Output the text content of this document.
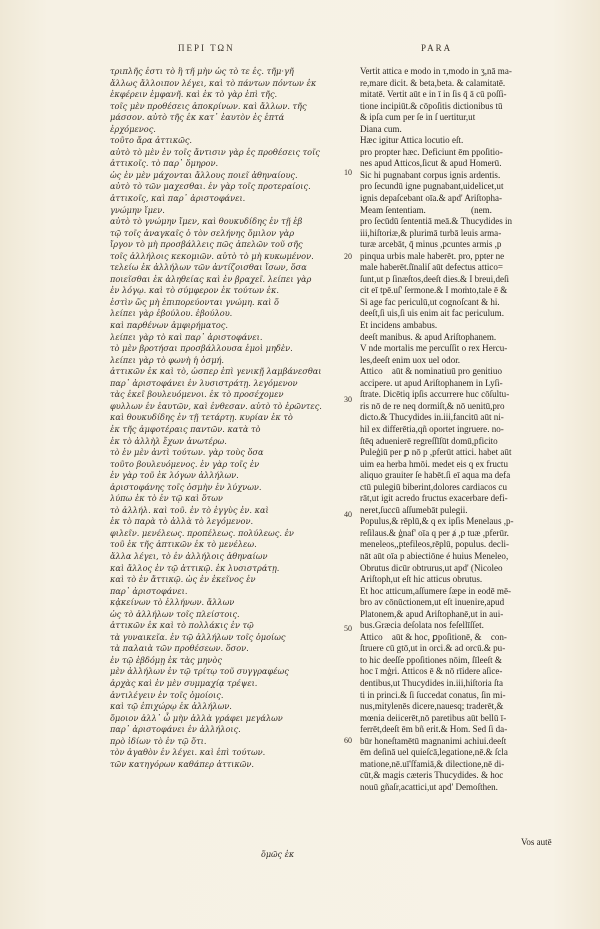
ΠΕΡΙ ΤΩΝ	PARA
τριπλῆς ἐστι τὸ ἢ τῆ μὴν ὡς τὸ τε ἐς. τῆμ·γῆ
ἄλλως ἄλλοιπον λέγει, καὶ τὸ πάντων πόντων ἐκ
ἐκφέρειν ἐμφανῆ. καὶ ἐκ τὸ γὰρ ἐπὶ τῆς.
τοῖς μὲν προθέσεις ἀποκρίνων. καὶ ἄλλων. τῆς
μάσσον. αὐτὸ τῆς ἐκ κατ᾽ ἑαυτὸν ἐς ἑπτά
ἐρχόμενος.
τοῦτο ἄρα ἀττικῶς.
αὐτὸ τὸ μὲν ἐν τοῖς ἄντισιν γὰρ ἐς προθέσεις τοῖς
ἀττικοῖς. τὸ παρ᾽ ὅμηρον.
ὡς ἐν μὲν μάχονται ἄλλους ποιεῖ ἀθηναίους.
αὐτὸ τὸ τῶν μαχεσθαι. ἐν γὰρ τοῖς προτεραίοις.
ἀττικοῖς, καὶ παρ᾽ ἀριστοφάνει.
γνώμην ἴμεν.
αὐτὸ τὸ γνώμην ἴμεν, καὶ θουκυδίδης ἐν τῇ ἑβ
τῷ τοῖς ἀναγκαῖς ὁ τὸν σελήνης ὄμιλον γὰρ
ἴργον τὸ μὴ προσβάλλεις πῶς ἀπελῶν τοῦ σῆς
τοῖς ἀλλήλοις κεκομιῶν. αὐτὸ τὸ μὴ κυκωμένον.
τελείω ἐκ ἀλλήλων τῶν ἀντίζοισθαι ἴσων, ὅσα
ποιεῖσθαι ἐκ ἀληθείας καὶ ἐν βραχεῖ. λείπει γὰρ
ἐν λόγῳ. καὶ τὸ σύμφερον ἐκ τούτων ἐκ.
ἐστὶν ὥς μὴ ἐπιπορεύονται γνώμη. καὶ ὅ
λείπει γὰρ ἐβούλου. ἐβούλου.
καὶ παρθένων ἀμφιρήματος.
λείπει γὰρ τὸ καὶ παρ᾽ ἀριστοφάνει.
τὸ μὲν βροτήσαι προσβάλλουσα ἐμοὶ μηδὲν.
λείπει γὰρ τὸ φωνὴ ἡ ὀσμή.
ἀττικῶν ἐκ καὶ τὸ, ὡσπερ ἐπὶ γενικῇ λαμβάνεσθαι
παρ᾽ ἀριστοφάνει ἐν λυσιστράτῃ. λεγόμενον
τὰς ἐκεῖ βουλευόμενοι. ἐκ τὸ προσέχομεν
φυλλων ἐν ἑαυτῶν, καὶ ἐνθεσαν. αὐτὸ τὸ ἐρῶντες.
καὶ θουκυδίδης ἐν τῇ τετάρτῃ. κυρίαν ἐκ τὸ
ἐκ τῆς ἀμφοτέραις παντῶν. κατὰ τὸ
ἐκ τὸ ἀλλὴλ ἔχων ἀνωτέρω.
τὸ ἐν μὲν ἀντὶ τούτων. γὰρ τοὺς ὅσα
τοῦτο βουλευόμενος. ἐν γὰρ τοῖς ἐν
ἐν γὰρ τοῦ ἐκ λόγων ἀλλήλων.
ἀριστοφάνης τοῖς ὀσμὴν ἐν λύχνων.
λύπω ἐκ τὸ ἐν τῷ καὶ ὅτων
τὸ ἀλλήλ. καὶ τοῦ. ἐν τὸ ἐγγὺς ἐν. καὶ
ἐκ τὸ παρὰ τὸ ἀλλὰ τὸ λεγόμενον.
φιλεῖν. μενέλεως. προπέλεως. πολύλεως. ἐν
τοῦ ἐκ τῆς ἀπτικῶν ἐκ τὸ μενέλεω.
ἄλλα λέγει, τὸ ἐν ἀλλήλοις ἀθηναίων
καὶ ἄλλος ἐν τῷ ἀττικῷ. ἐκ λυσιστράτῃ.
καὶ τὸ ἐν ἄττικῷ. ὡς ἐν ἐκεῖνος ἐν
παρ᾽ ἀριστοφάνει.
κᾀκείνων τὸ ἐλλήνων. ἄλλων
ὡς τὸ ἀλλήλων τοῖς πλείστοις.
ἀττικῶν ἐκ καὶ τὸ πολλάκις ἐν τῷ
τὰ γυναικεῖα. ἐν τῷ ἀλλήλων τοῖς ὁμοίως
τὰ παλαιὰ τῶν προθέσεων. ὅσον.
ἐν τῷ ἑβδόμῃ ἐκ τὰς μηνὸς
μὲν ἀλλήλων ἐν τῷ τρίτῳ τοῦ συγγραφέως
ἀρχὰς καὶ ἐν μὲν συμμαχίᾳ τρέψει.
ἀντιλέγειν ἐν τοῖς ὁμοίοις.
καὶ τῷ ἐπιχώρῳ ἐκ ἀλλήλων.
ὅμοιον ἀλλ᾽ ὦ μὴν ἀλλὰ γράφει μεγάλων
παρ᾽ ἀριστοφάνει ἐν ἀλλήλοις.
πρὸ ἰδίων τὸ ἐν τῷ ὅτι.
τὸν ἀγαθὸν ἐν λέγει. καὶ ἐπὶ τούτων.
τῶν κατηγόρων καθάπερ ἀττικῶν.
Vertit attica e modo in τ,modo in ʒ,nā ma-
re,mare dicit. & beta,beta. & calamitatē.
mitatē. Vertit aūt e in ī in ſis q̄ ā cū poſſi-
tione incipiūt.& cōpoſitis dictionibus tū
& ipſa cum per ſe in ſ uertitur,ut
Diana cum.
Hæc igitur Attica locutio eſt.
pro propter hæc. Deficiunt ēm ppoſitio-
nes apud Atticos,ſicut & apud Homerū.
Sic hi pugnabant corpus ignis ardentis.
pro ſecundū igne pugnabant,uidelicet,ut
ignis depaſcebant oīa.& apd' Ariſtopha-
Meam ſententiam.                    (nem.
pro ſecūdū ſententiā meā.& Thucydides in
iii,hiſtoriæ,& plurimā turbā leuis arma-
turæ arcebāt, q̄ minus ,pcuntes armis ,p
pinqua urbis male haberēt. pro, ppter ne
male haberēt.ſīnaliſ aūt defectus attico=
ſunt,ut p ſinæſtos,deeſt dies.& I breui,deſi
cit eī tpē.uſ' ſermone.& I moṁto,tale ē &
Si age fac periculū,ut cognoſcant & hi.
deeſt,ſi uis,ſi uis enim ait fac periculum.
Et incidens ambabus.
deeſt manibus. & apud Ariſtophanem.
V nde mortalis me percuſſit o rex Hercu-
les,deeſt enim uox uel odor.
Attico⃕ aūt & nominatiuū pro genitiuo
accipere. ut apud Ariſtophanem in Lyſi-
ſtrate. Dicētiq ipſis accurrere huc cōſultu-
ris nō de re neq dormiſt,& nō uenitū,pro
dicto.& Thucydides in.iii,fancitū aūt ni-
hil ex differētia,qñ oportet ingruere. no-
ſtēq aduenierē regreſſīſūt domū,pficito
Puleģiū per ꝑ nō p ,pferūt attici. habet aūt
uim ea herba hmōi. medet eis q ex fructu
aliquo grauiter ſe habēt.ſi eī aqua ma defa
ctū pulegiū biberint,dolores cardiacos cu
rāt,ut igit acredo fructus exacerbare defi-
neret,ſuccū aſſumebāt pulegii.
Populus,& rēplū,& q ex ipſis Menelaus ,p-
reſilaus.& ģnaf' oīa q per ⱥ ,p tuæ ,pferūr.
meneleos,,ptefileos,rēplū, populus. decli-
nāt aūt oīa p abiectiōne é huius Meneleo,
Obrutus dicūr obtrurus,ut apd' (Nicoleo
Ariſtoph,ut eſt hic atticus obrutus.
Et hoc atticum,aſſumere ſæpe in eodē mē-
bro av cōnūctionem,ut eſt inuenire,apud
Platonem,& apud Ariſtophanē,ut in aui-
bus.Græcia deſolata nos feſellīſſet.
Attico⃕ aūt & hoc, ꝑpoſitionē, & ꝯcon-
ſtruere cū gtō,ut in orci.& ad orcū.& pu-
to hic deeſſe ppoſitiones nōim, ſīleeſt &
hoc ī mģri. Atticos ē & nō rīidere aſice-
dentibus,ut Thucydides in.iii,hiſtoria ſta
ti in princi.& ſi ſuccedat conatus, ſin mi-
nus,mitylenēs dicere,nauesq; traderēt,&
mœnia deiicerēt,nō paretibus aūt bellū ī-
ferrēt,deeſt ēm bñ erit.& Hom. Sed ſi da-
būr honeſtamētū magnanimi achiui.deeſt
ēm deſinā uel quieſcā,legatione,nē.& ſcla
matione,nē.uī'ſfamiā,& dilectione,nē di-
cūt,& magis cæteris Thucydides. & hoc
nouū gñaſr,acattici,ut apd' Demoſthen.
10
20
30
40
50
60
ὅμῶς ἐκ
Vos autē
